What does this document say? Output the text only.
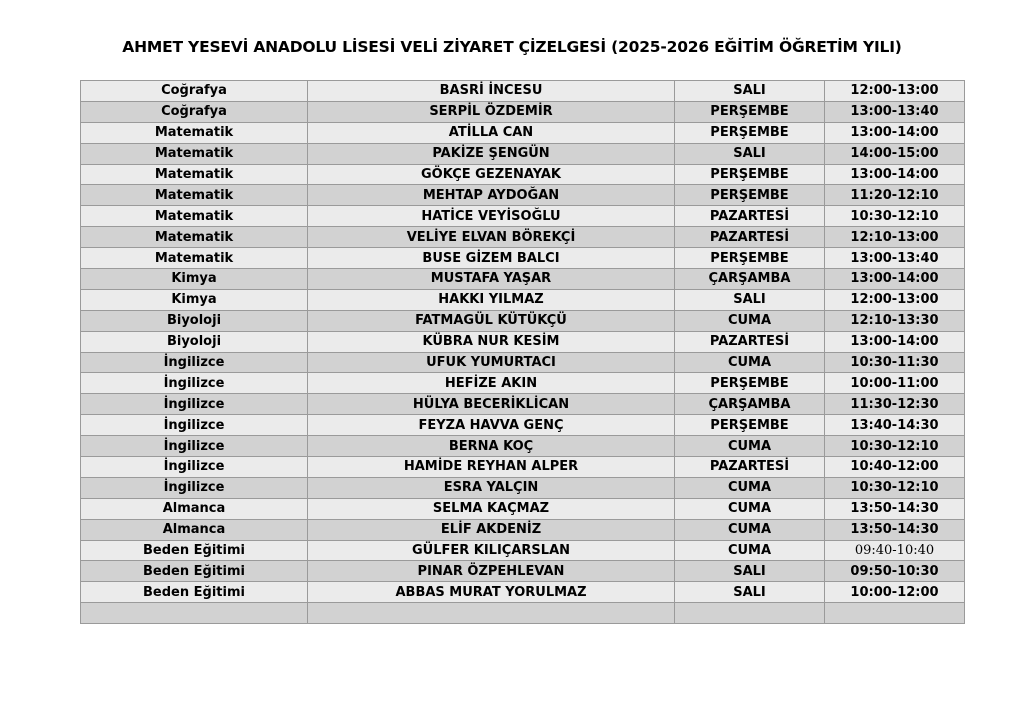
AHMET YESEVİ ANADOLU LİSESİ VELİ ZİYARET ÇİZELGESİ (2025-2026 EĞİTİM ÖĞRETİM YILI)
Coğrafya	BASRİ İNCESU	SALI	12:00-13:00
Coğrafya	SERPİL ÖZDEMİR	PERŞEMBE	13:00-13:40
Matematik	ATİLLA CAN	PERŞEMBE	13:00-14:00
Matematik	PAKİZE ŞENGÜN	SALI	14:00-15:00
Matematik	GÖKÇE GEZENAYAK	PERŞEMBE	13:00-14:00
Matematik	MEHTAP AYDOĞAN	PERŞEMBE	11:20-12:10
Matematik	HATİCE VEYİSOĞLU	PAZARTESİ	10:30-12:10
Matematik	VELİYE ELVAN BÖREKÇİ	PAZARTESİ	12:10-13:00
Matematik	BUSE GİZEM BALCI	PERŞEMBE	13:00-13:40
Kimya	MUSTAFA YAŞAR	ÇARŞAMBA	13:00-14:00
Kimya	HAKKI YILMAZ	SALI	12:00-13:00
Biyoloji	FATMAGÜL KÜTÜKÇÜ	CUMA	12:10-13:30
Biyoloji	KÜBRA NUR KESİM	PAZARTESİ	13:00-14:00
İngilizce	UFUK YUMURTACI	CUMA	10:30-11:30
İngilizce	HEFİZE AKIN	PERŞEMBE	10:00-11:00
İngilizce	HÜLYA BECERİKLİCAN	ÇARŞAMBA	11:30-12:30
İngilizce	FEYZA HAVVA GENÇ	PERŞEMBE	13:40-14:30
İngilizce	BERNA KOÇ	CUMA	10:30-12:10
İngilizce	HAMİDE REYHAN ALPER	PAZARTESİ	10:40-12:00
İngilizce	ESRA YALÇIN	CUMA	10:30-12:10
Almanca	SELMA KAÇMAZ	CUMA	13:50-14:30
Almanca	ELİF AKDENİZ	CUMA	13:50-14:30
Beden Eğitimi	GÜLFER KILIÇARSLAN	CUMA	09:40-10:40
Beden Eğitimi	PINAR ÖZPEHLEVAN	SALI	09:50-10:30
Beden Eğitimi	ABBAS MURAT YORULMAZ	SALI	10:00-12:00
